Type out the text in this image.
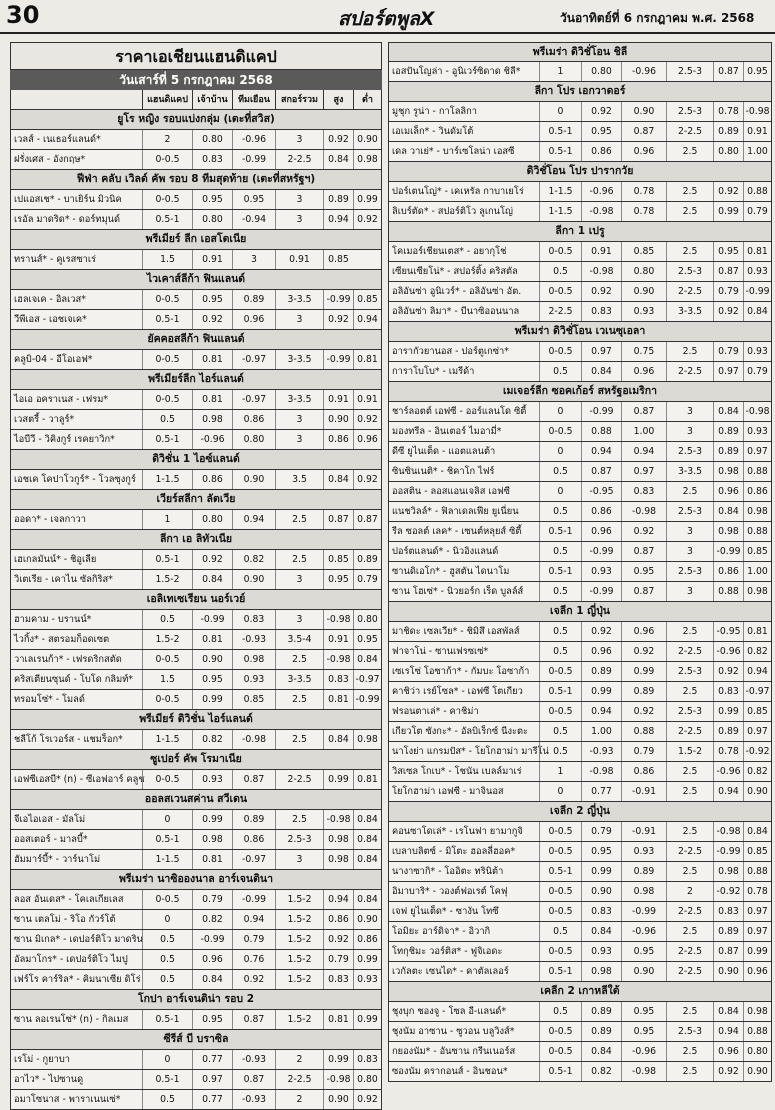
30	สปอร์ตพูลX	วันอาทิตย์ที่ 6 กรกฎาคม พ.ศ. 2568
ราคาเอเชียนแฮนดิแคป
วันเสาร์ที่ 5 กรกฎาคม 2568
แฮนดิแคป	เจ้าบ้าน	ทีมเยือน	สกอร์รวม	สูง	ต่ำ
ยูโร หญิง รอบแบ่งกลุ่ม (เตะที่สวิส)
เวลส์ - เนเธอร์แลนด์*	2	0.80	-0.96	3	0.92 0.90
ฝรั่งเศส - อังกฤษ*	0-0.5	0.83	-0.99	2-2.5	0.84 0.98
ฟีฟ่า คลับ เวิลด์ คัพ รอบ 8 ทีมสุดท้าย (เตะที่สหรัฐฯ)
เปแอสเช* - บาเยิร์น มิวนิค	0-0.5	0.95	0.95	3	0.89 0.99
เรอัล มาดริด* - ดอร์ทมุนด์	0.5-1	0.80	-0.94	3	0.94 0.92
พรีเมียร์ ลีก เอสโตเนีย
ทรานส์* - คูเรสซาเร่	1.5	0.91	3	0.91	0.85
ไวเคาส์ลีก้า ฟินแลนด์
เฮลเจเค - อิลเวส*	0-0.5	0.95	0.89	3-3.5	-0.99 0.85
วีพีเอส - เอชเจเค*	0.5-1	0.92	0.96	3	0.92 0.94
ยัคคอสลีก้า ฟินแลนด์
คลูบิ-04 - อีโอเอฟ*	0-0.5	0.81	-0.97	3-3.5	-0.99 0.81
พรีเมียร์ลีก ไอร์แลนด์
ไอเอ อคราเนส - เฟรม*	0-0.5	0.81	-0.97	3-3.5	0.91 0.91
เวสตรี้ - วาลูร์*	0.5	0.98	0.86	3	0.90 0.92
ไอบีวี - วิคิงกูร์ เรคยาวิก*	0.5-1	-0.96	0.80	3	0.86 0.96
ดิวิชั่น 1 ไอซ์แลนด์
เอชเค โคปาโวกูร์* - โวลซุงกูร์	1-1.5	0.86	0.90	3.5	0.84 0.92
เวียร์สลีกา ลัตเวีย
ออดา* - เจลกาวา	1	0.80	0.94	2.5	0.87 0.87
ลีกา เอ ลิทัวเนีย
เฮเกลมันน์* - ชิอูเลีย	0.5-1	0.92	0.82	2.5	0.85 0.89
วิเตเรีย - เคาไน ซัลกิริส*	1.5-2	0.84	0.90	3	0.95 0.79
เอลิเทเซเรียน นอร์เวย์
ฮามคาม - บรานน์*	0.5	-0.99	0.83	3	-0.98 0.80
ไวกิ้ง* - สตรอมก็อดเซต	1.5-2	0.81	-0.93	3.5-4	0.91 0.95
วาเลเรนก้า* - เฟรดริกสตัด	0-0.5	0.90	0.98	2.5	-0.98 0.84
คริสเตียนซุนด์ - โบโด กลิมท์*	1.5	0.95	0.93	3-3.5	0.83 -0.97
ทรอมโซ่* - โมลด์	0-0.5	0.99	0.85	2.5	0.81 -0.99
พรีเมียร์ ดิวิชั่น ไอร์แลนด์
ชลีโก้ โรเวอร์ส - แชมร็อก*	1-1.5	0.82	-0.98	2.5	0.84 0.98
ซูเปอร์ คัพ โรมาเนีย
เอฟซีเอสบี* (n) - ซีเอฟอาร์ คลูช	0-0.5	0.93	0.87	2-2.5	0.99 0.81
ออลสเวนสค่าน สวีเดน
จีเอไอเอส - มัลโม่	0	0.99	0.89	2.5	-0.98 0.84
ออสเตอร์ - มาลบี้*	0.5-1	0.98	0.86	2.5-3	0.98 0.84
ฮัมมาร์บี้* - วาร์นาโม่	1-1.5	0.81	-0.97	3	0.98 0.84
พรีเมร่า นาซิอองนาล อาร์เจนตินา
ลอส อันเดส* - โคเลเกียเลส	0-0.5	0.79	-0.99	1.5-2	0.94 0.84
ซาน เตลโม่ - ริโอ กัวร์โต้	0	0.82	0.94	1.5-2	0.86 0.90
ซาน มิเกล* - เดปอร์ติโว มาดริน	0.5	-0.99	0.79	1.5-2	0.92 0.86
อัลมาโกร* - เดปอร์ติโว ไมปู	0.5	0.96	0.76	1.5-2	0.79 0.99
เฟร์โร คาร์ริล* - คิมนาเซีย ดิโร่	0.5	0.84	0.92	1.5-2	0.83 0.93
โกปา อาร์เจนติน่า รอบ 2
ซาน ลอเรนโซ่* (n) - กิลเมส	0.5-1	0.95	0.87	1.5-2	0.81 0.99
ซีรีส์ บี บราซิล
เรโม่ - กูยาบา	0	0.77	-0.93	2	0.99 0.83
อาไว* - ไปซานดู	0.5-1	0.97	0.87	2-2.5	-0.98 0.80
อมาโซนาส - พาราเนนเซ่*	0.5	0.77	-0.93	2	0.90 0.92
พรีเมร่า ดิวิชั่โอน ชิลี
เอสปันโญล่า - อูนิเวร์ซิดาด ชิลี*	1	0.80	-0.96	2.5-3	0.87 0.95
ลีกา โปร เอกวาดอร์
มูชุก รูน่า - กาโลลิกา	0	0.92	0.90	2.5-3	0.78 -0.98
เอเมเล็ก* - วินดัมโต้	0.5-1	0.95	0.87	2-2.5	0.89 0.91
เดล วาเย่* - บาร์เซโลน่า เอสซี	0.5-1	0.86	0.96	2.5	0.80 1.00
ดิวิชั่โอน โปร ปารากวัย
ปอร์เตนโญ่* - เคเหรัล กาบาเยโร่	1-1.5	-0.96	0.78	2.5	0.92 0.88
ลิเบร์ตัด* - สปอร์ติโว ลูเกนโญ่	1-1.5	-0.98	0.78	2.5	0.99 0.79
ลีกา 1 เปรู
โคเมอร์เชียนเตส* - อยากุโช่	0-0.5	0.91	0.85	2.5	0.95 0.81
เซียนเซียโน่* - สปอร์ติ้ง คริสตัล	0.5	-0.98	0.80	2.5-3	0.87 0.93
อลิอันซ่า อูนิเวร์* - อลิอันซ่า อัต.	0-0.5	0.92	0.90	2-2.5	0.79 -0.99
อลิอันซ่า ลิมา* - บีนาซิออนนาล	2-2.5	0.83	0.93	3-3.5	0.92 0.84
พรีเมร่า ดิวิชั่โอน เวเนซุเอลา
อารากัวยานอส - ปอร์ตูเกซ่า*	0-0.5	0.97	0.75	2.5	0.79 0.93
การาโบโบ* - เมรีด้า	0.5	0.84	0.96	2-2.5	0.97 0.79
เมเจอร์ลีก ซอคเก้อร์ สหรัฐอเมริกา
ชาร์ลอตต์ เอฟซี - ออร์แลนโด ซิตี้	0	-0.99	0.87	3	0.84 -0.98
มองทรีล - อินเตอร์ ไมอามี่*	0-0.5	0.88	1.00	3	0.89 0.93
ดีซี ยูไนเต็ด - แอตแลนต้า	0	0.94	0.94	2.5-3	0.89 0.97
ซินซินเนติ* - ชิคาโก ไฟร์	0.5	0.87	0.97	3-3.5	0.98 0.88
ออสติน - ลอสแอนเจลิส เอฟซี	0	-0.95	0.83	2.5	0.96 0.86
แนชวิลล์* - ฟิลาเดลเฟีย ยูเนี่ยน	0.5	0.86	-0.98	2.5-3	0.84 0.98
รีล ซอลต์ เลค* - เซนต์หลุยส์ ซิตี้	0.5-1	0.96	0.92	3	0.98 0.88
ปอร์ตแลนด์* - นิวอิงแลนด์	0.5	-0.99	0.87	3	-0.99 0.85
ซานดิเอโก* - ฮูสตัน ไดนาโม	0.5-1	0.93	0.95	2.5-3	0.86 1.00
ซาน โฮเซ่* - นิวยอร์ก เร็ด บูลล์ส์	0.5	-0.99	0.87	3	0.88 0.98
เจลีก 1 ญี่ปุ่น
มาชิดะ เซลเวีย* - ชิมิสึ เอสพัลส์	0.5	0.92	0.96	2.5	-0.95 0.81
ฟาจาโน่ - ซานเฟรซเซ่*	0.5	0.96	0.92	2-2.5	-0.96 0.82
เซเรโซ่ โอซาก้า* - กัมบะ โอซาก้า	0-0.5	0.89	0.99	2.5-3	0.92 0.94
คาชิว่า เรย์โซล* - เอฟซี โตเกียว	0.5-1	0.99	0.89	2.5	0.83 -0.97
ฟรอนตาเล่* - คาชิม่า	0-0.5	0.94	0.92	2.5-3	0.99 0.85
เกียวโต ซังกะ* - อัลบิเร็กซ์ นีงะตะ	0.5	1.00	0.88	2-2.5	0.89 0.97
นาโงย่า แกรมปัส* - โยโกฮาม่า มารีโน่ 0.5	-0.93	0.79	1.5-2	0.78 -0.92
วิสเซล โกเบ* - โชนัน เบลล์มาเร่	1	-0.98	0.86	2.5	-0.96 0.82
โยโกฮาม่า เอฟซี - มาจินอส	0	0.77	-0.91	2.5	0.94 0.90
เจลีก 2 ญี่ปุ่น
คอนซาโดเล่* - เรโนฟา ยามากูจิ	0-0.5	0.79	-0.91	2.5	-0.98 0.84
เบลาบลิตซ์ - มิโตะ ฮอลลี่ฮอค*	0-0.5	0.95	0.93	2-2.5	-0.99 0.85
นางาซากิ* - โออิตะ ทรินิต้า	0.5-1	0.99	0.89	2.5	0.98 0.88
อิมาบาริ* - วองต์ฟอเรต์ โคฟุ	0-0.5	0.90	0.98	2	-0.92 0.78
เจฟ ยูไนเต็ด* - ซางัน โทซึ	0-0.5	0.83	-0.99	2-2.5	0.83 0.97
โอมิยะ อาร์ดิจา* - อิวากิ	0.5	0.84	-0.96	2.5	0.89 0.97
โทกุชิมะ วอร์ติส* - ฟูจิเอดะ	0-0.5	0.93	0.95	2-2.5	0.87 0.99
เวกัลตะ เซนได* - คาตัลเลอร์	0.5-1	0.98	0.90	2-2.5	0.90 0.96
เคลีก 2 เกาหลีใต้
ชุงบุก ชองจู - โซล อี-แลนด์*	0.5	0.89	0.95	2.5	0.84 0.98
ชุงนัม อาซาน - ซูวอน บลูวิงส์*	0-0.5	0.89	0.95	2.5-3	0.94 0.88
กยองนัม* - อันซาน กรีนเนอร์ส	0-0.5	0.84	-0.96	2.5	0.96 0.80
ซองนัม ดรากอนส์ - อินชอน*	0.5-1	0.82	-0.98	2.5	0.92 0.90
